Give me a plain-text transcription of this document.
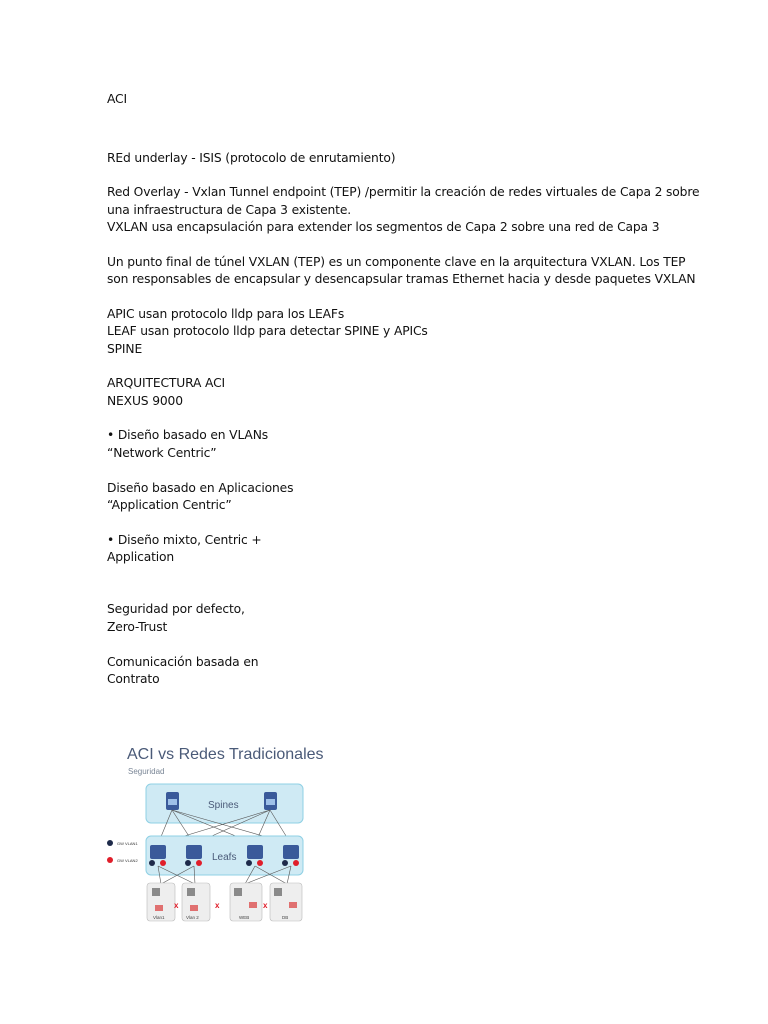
ACI
REd underlay - ISIS (protocolo de enrutamiento)
Red Overlay - Vxlan Tunnel endpoint (TEP) /permitir la creación de redes virtuales de Capa 2 sobre
una infraestructura de Capa 3 existente.
VXLAN usa encapsulación para extender los segmentos de Capa 2 sobre una red de Capa 3
Un punto final de túnel VXLAN (TEP) es un componente clave en la arquitectura VXLAN. Los TEP
son responsables de encapsular y desencapsular tramas Ethernet hacia y desde paquetes VXLAN
APIC usan protocolo lldp para los LEAFs
LEAF usan protocolo lldp para detectar SPINE y APICs
SPINE
ARQUITECTURA ACI
NEXUS 9000
• Diseño basado en VLANs
“Network Centric”
Diseño basado en Aplicaciones
“Application Centric”
• Diseño mixto, Centric +
Application
Seguridad por defecto,
Zero-Trust
Comunicación basada en
Contrato
Spines
Leafs
GW VLAN1
GW VLAN2
Vlan1	Vlan 2	WEB	DB
x	x	x
ACI vs Redes Tradicionales
Seguridad
